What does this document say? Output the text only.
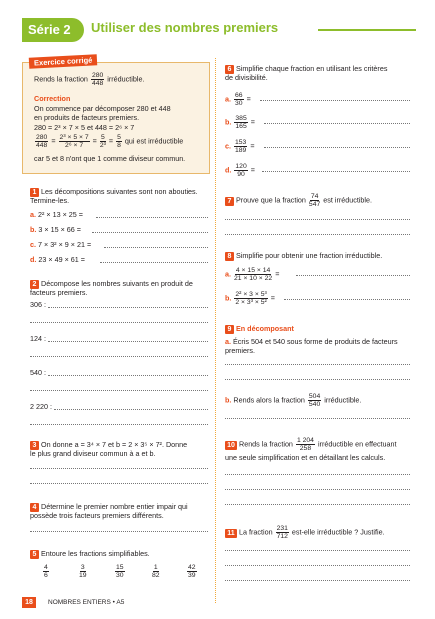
Série 2	Utiliser des nombres premiers
Exercice corrigé
Rends la fraction $\frac{280}{448}$ irréductible.
Correction
On commence par décomposer 280 et 448
en produits de facteurs premiers.
280 = 2³ × 7 × 5 et 448 = 2⁶ × 7
$\frac{280}{448} = \frac{\text{2³ × 5 × 7}}{\text{2⁶ × 7}} = \frac{5}{\text{2³}} = \frac{5}{8}$ qui est irréductible
car 5 et 8 n'ont que 1 comme diviseur commun.
1 Les décompositions suivantes sont non abouties.
Termine-les.
a. 2² × 13 × 25 =
b. 3 × 15 × 66 =
c. 7 × 3² × 9 × 21 =
d. 23 × 49 × 61 =
2 Décompose les nombres suivants en produit de
facteurs premiers.
306 :
124 :
540 :
2 220 :
3 On donne a = 3⁴ × 7 et b = 2 × 3⁵ × 7². Donne
le plus grand diviseur commun à a et b.
4 Détermine le premier nombre entier impair qui
possède trois facteurs premiers différents.
5 Entoure les fractions simplifiables.
$\frac{4}{6}$	$\frac{3}{19}$	$\frac{15}{30}$	$\frac{1}{82}$	$\frac{42}{39}$
6 Simplifie chaque fraction en utilisant les critères
de divisibilité.
a. $\frac{66}{30}$ =
b. $\frac{385}{165}$ =
c. $\frac{153}{189}$ =
d. $\frac{120}{90}$ =
7 Prouve que la fraction $\frac{74}{547}$ est irréductible.
8 Simplifie pour obtenir une fraction irréductible.
a. $\frac{4 \times 15 \times 14}{21 \times 10 \times 22}$ =
b. $\frac{\text{2² × 3 × 5³}}{\text{2 × 3³ × 5²}}$ =
9 En décomposant
a. Écris 504 et 540 sous forme de produits de facteurs
premiers.
b. Rends alors la fraction $\frac{504}{540}$ irréductible.
10 Rends la fraction $\frac{1 204}{258}$ irréductible en effectuant
une seule simplification et en détaillant les calculs.
11 La fraction $\frac{231}{712}$ est-elle irréductible ? Justifie.
18	NOMBRES ENTIERS • A5
